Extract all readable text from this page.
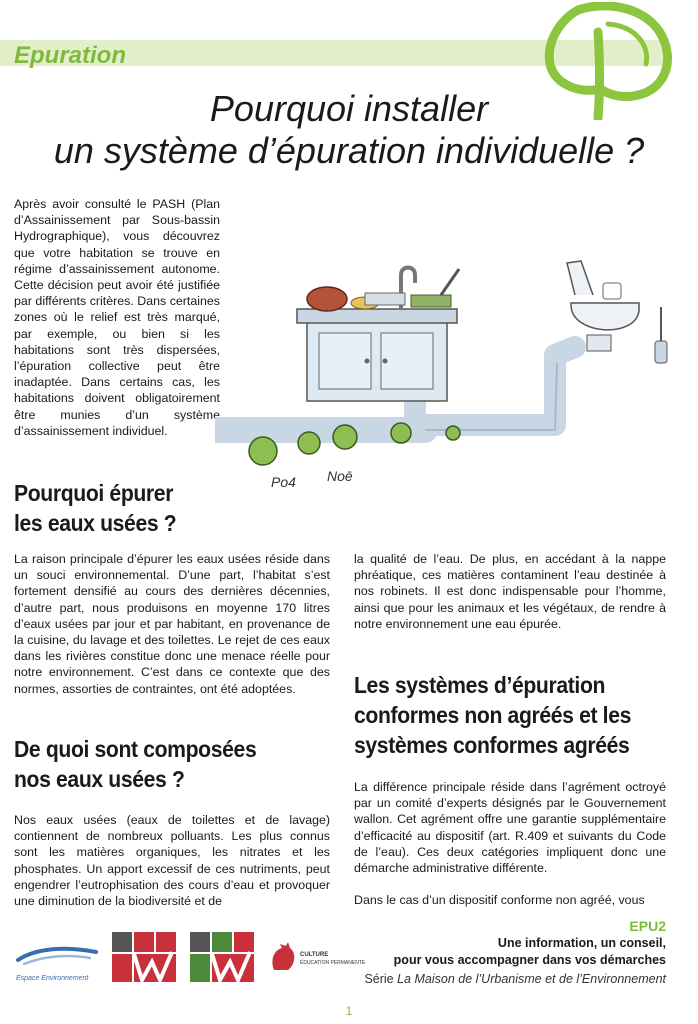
Epuration
Pourquoi installer
un système d’épuration individuelle ?

Après avoir consulté le PASH (Plan d’Assainissement par Sous-bassin Hydrographique), vous découvrez que votre habitation se trouve en régime d’assainissement autonome. Cette décision peut avoir été justifiée par différents critères. Dans certaines zones où le relief est très marqué, par exemple, ou bien si les habitations sont très dispersées, l’épuration collective peut être inadaptée. Dans certains cas, les habitations doivent obligatoirement être munies d’un système d’assainissement individuel.

Po4 Noē
Pourquoi épurer
les eaux usées ?

La raison principale d’épurer les eaux usées réside dans un souci environnemental. D’une part, l’habitat s’est fortement densifié au cours des dernières décennies, d’autre part, nous produisons en moyenne 170 litres d’eaux usées par jour et par habitant, en provenance de la cuisine, du lavage et des toilettes. Le rejet de ces eaux dans les rivières constitue donc une menace réelle pour notre environnement. C’est dans ce contexte que des normes, assorties de contraintes, ont été adoptées.

De quoi sont composées
nos eaux usées ?

Nos eaux usées (eaux de toilettes et de lavage) contiennent de nombreux polluants. Les plus connus sont les matières organiques, les nitrates et les phosphates. Un apport excessif de ces nutriments, peut engendrer l’eutrophisation des cours d’eau et provoquer une diminution de la biodiversité et de

la qualité de l’eau. De plus, en accédant à la nappe phréatique, ces matières contaminent l’eau destinée à nos robinets. Il est donc indispensable pour l’homme, ainsi que pour les animaux et les végétaux, de rendre à notre environnement une eau épurée.

Les systèmes d’épuration
conformes non agréés et les
systèmes conformes agréés

La différence principale réside dans l’agrément octroyé par un comité d’experts désignés par le Gouvernement wallon. Cet agrément offre une garantie supplémentaire d’efficacité au dispositif (art. R.409 et suivants du Code de l’eau). Ces deux catégories impliquent donc une démarche administrative différente.

Dans le cas d’un dispositif conforme non agréé, vous

Espace Environnement
CULTURE
ÉDUCATION PERMANENTE
EPU2
Une information, un conseil,
pour vous accompagner dans vos démarches
Série La Maison de l’Urbanisme et de l’Environnement
1
